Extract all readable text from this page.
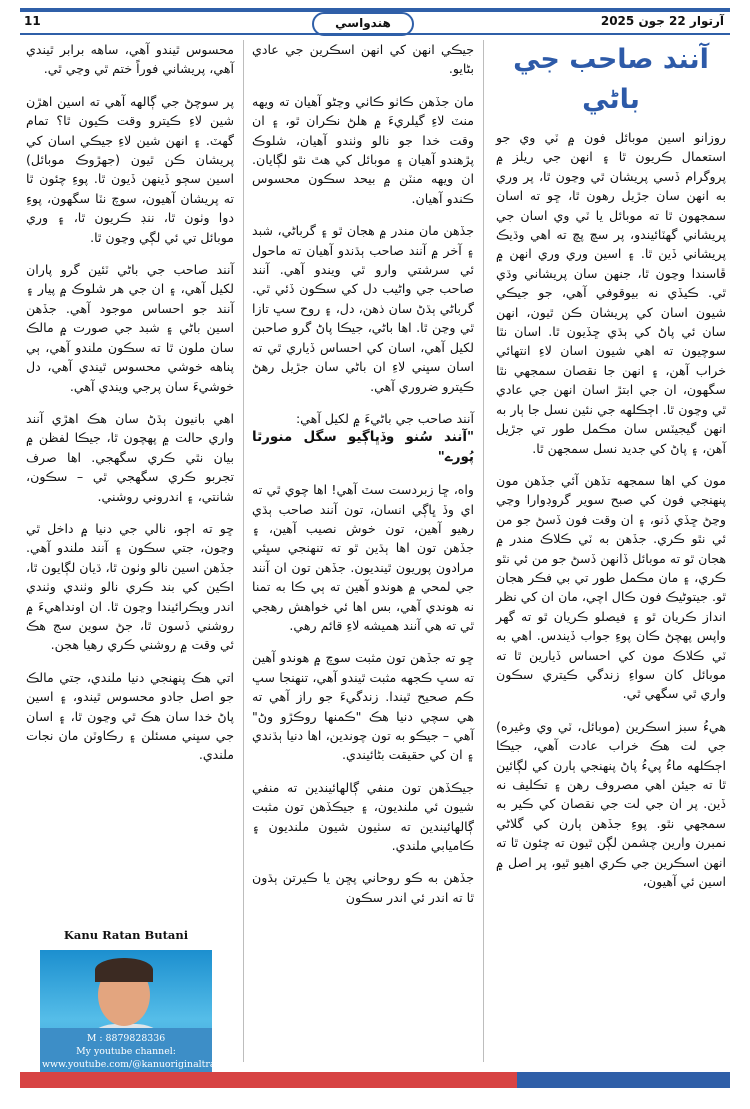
11	هندواسي	آرتوار 22 جون 2025
آنند صاحب جي باڻي

روزانو اسين موبائل فون ۾ ٽي وي جو استعمال ڪريون ٿا ۽ انهن جي ريلز ۾ پروگرام ڏسي پريشان ٿي وڃون ٿا، پر وري به انهن سان جڙيل رهون ٿا، ڇو ته اسان سمجهون ٿا ته موبائل يا ٽي وي اسان جي پريشاني گهٽائيندو، پر سچ پچ ته اهي وڌيڪ پريشاني ڏين ٿا. ۽ اسين وري وري انهن ۾ ڦاسندا وڃون ٿا، جنهن سان پريشاني وڌي ٿي. ڪيڏي نه بيوقوفي آهي، جو جيڪي شيون اسان کي پريشان ڪن ٿيون، انهن سان ئي پاڻ کي ٻڌي ڇڏيون ٿا. اسان نٿا سوچيون ته اهي شيون اسان لاءِ انتهائي خراب آهن، ۽ انهن جا نقصان سمجهي نٿا سگهون، ان جي ابتڙ اسان انهن جي عادي ٿي وڃون ٿا. اڄڪلهه جي نئين نسل جا ٻار به انهن گيجيٽس سان مڪمل طور تي جڙيل آهن، ۽ پاڻ کي جديد نسل سمجهن ٿا.

مون کي اها سمجهه تڏهن آئي جڏهن مون پنهنجي فون کي صبح سوير گروڊوارا وڃي وڃڻ ڇڏي ڏنو، ۽ ان وقت فون ڏسڻ جو من ئي نٿو ڪري. جڏهن به ٽي ڪلاڪ مندر ۾ هجان ٿو ته موبائل ڏانهن ڏسڻ جو من ئي نٿو ڪري، ۽ مان مڪمل طور تي بي فڪر هجان ٿو. جيتوڻيڪ فون ڪال اچي، مان ان کي نظر انداز ڪريان ٿو ۽ فيصلو ڪريان ٿو ته گهر واپس پهچڻ ڪان پوءِ جواب ڏيندس. اهي به ٽي ڪلاڪ مون کي احساس ڏيارين ٿا ته موبائل کان سواءِ زندگي ڪيتري سڪون واري ٿي سگهي ٿي.

هيءُ سبز اسڪرين (موبائل، ٽي وي وغيره) جي لت هڪ خراب عادت آهي، جيڪا اڄڪلهه ماءُ پيءُ پاڻ پنهنجي ٻارن کي لڳائين ٿا ته جيئن اهي مصروف رهن ۽ تڪليف نه ڏين. پر ان جي لت جي نقصان کي ڪير به سمجهي نٿو. پوءِ جڏهن ٻارن کي گلاڻي نمبرن وارين چشمن لڳن ٿيون ته چئون ٿا ته انهن اسڪرين جي ڪري اهيو ٿيو، پر اصل ۾ اسين ئي آهيون،

جيڪي انهن کي انهن اسڪرين جي عادي بڻايو.

مان جڏهن ڪاٺو ڪاٺي وڃڻو آهيان ته ويهه منٽ لاءِ گيلريءَ ۾ هلڻ نڪران ٿو، ۽ ان وقت خدا جو نالو وٺندو آهيان، شلوڪ پڙهندو آهيان ۽ موبائل کي هٿ نٿو لڳايان. ان ويهه منٽن ۾ بيحد سڪون محسوس ڪندو آهيان.

جڏهن مان مندر ۾ هجان ٿو ۽ گرباڻي، شبد ۽ آخر ۾ آنند صاحب ٻڌندو آهيان ته ماحول ئي سرشتي وارو ٿي ويندو آهي. آنند صاحب جي واڻيب دل کي سڪون ڏئي ٿي. گرباڻي ٻڌڻ سان ذهن، دل، ۽ روح سڀ تازا ٿي وڃن ٿا. اها باڻي، جيڪا پاڻ گرو صاحبن لکيل آهي، اسان کي احساس ڏياري ٿي ته اسان سڀني لاءِ ان باڻي سان جڙيل رهڻ ڪيترو ضروري آهي.

آنند صاحب جي باڻيءَ ۾ لکيل آهي:

"آنند سُنو وڏڀاڳيو سگل منورٿا پُورے"

واه، ڇا زبردست سٽ آهي! اها چوي ٿي ته اي وڏ ڀاڳي انسان، تون آنند صاحب ٻڌي رهيو آهين، تون خوش نصيب آهين، ۽ جڏهن تون اها ٻڌين ٿو ته تنهنجي سڀئي مرادون پوريون ٿينديون. جڏهن تون ان آنند جي لمحي ۾ هوندو آهين ته ٻي ڪا به تمنا نه هوندي آهي، بس اها ئي خواهش رهجي ٿي ته هي آنند هميشه لاءِ قائم رهي.

ڇو ته جڏهن تون مثبت سوچ ۾ هوندو آهين ته سڀ ڪجهه مثبت ٿيندو آهي، تنهنجا سڀ ڪم صحيح ٿيندا. زندگيءَ جو راز آهي ته هي سچي دنيا هڪ "ڪمنها روڪڙو وڻ" آهي – جيڪو به تون چوندين، اها دنيا ٻڌندي ۽ ان کي حقيقت بڻائيندي.

جيڪڏهن تون منفي ڳالهائيندين ته منفي شيون ئي ملنديون، ۽ جيڪڏهن تون مثبت ڳالهائيندين ته سٺيون شيون ملنديون ۽ ڪاميابي ملندي.

جڏهن به ڪو روحاني پڇن يا ڪيرتن ٻڌون ٿا ته اندر ئي اندر سڪون

محسوس ٿيندو آهي، ساهه برابر ٿيندي آهي، پريشاني فوراً ختم ٿي وڃي ٿي.

پر سوچڻ جي ڳالهه آهي ته اسين اهڙن شين لاءِ ڪيترو وقت ڪيون ٿا؟ تمام گهٽ. ۽ انهن شين لاءِ جيڪي اسان کي پريشان ڪن ٿيون (جهڙوڪ موبائل) اسين سڄو ڏينهن ڏيون ٿا. پوءِ چئون ٿا ته پريشان آهيون، سوچ نٽا سگهون، پوءِ دوا وٺون ٿا، ننڊ ڪريون ٿا، ۽ وري موبائل تي ئي لڳي وڃون ٿا.

آنند صاحب جي باڻي ٽئين گرو پاران لکيل آهي، ۽ ان جي هر شلوڪ ۾ پيار ۽ آنند جو احساس موجود آهي. جڏهن اسين باڻي ۽ شبد جي صورت ۾ مالڪ سان ملون ٿا ته سڪون ملندو آهي، ٻي پناهه خوشي محسوس ٿيندي آهي، دل خوشيءَ سان پرجي ويندي آهي.

اهي بانيون ٻڌڻ سان هڪ اهڙي آنند واري حالت ۾ پهچون ٿا، جيڪا لفظن ۾ بيان نٿي ڪري سگهجي. اها صرف تجربو ڪري سگهجي ٿي – سڪون، شانتي، ۽ اندروني روشني.

ڇو ته اڄو، نالي جي دنيا ۾ داخل ٿي وڃون، جتي سڪون ۽ آنند ملندو آهي. جڏهن اسين نالو وٺون ٿا، ڌيان لڳايون ٿا، اڪين کي بند ڪري نالو وٺندي وٺندي اندر ويڪرائيندا وڃون ٿا. ان اونداهيءَ ۾ روشني ڏسون ٿا، جڻ سوين سج هڪ ئي وقت ۾ روشني ڪري رهيا هجن.

اتي هڪ پنهنجي دنيا ملندي، جتي مالڪ جو اصل جادو محسوس ٿيندو، ۽ اسين پاڻ خدا سان هڪ ٿي وڃون ٿا، ۽ اسان جي سڀني مسئلن ۽ رڪاوٽن مان نجات ملندي.

Kanu Ratan Butani
M : 8879828336
My youtube channel:
www.youtube.com/@kanuoriginaltracks
